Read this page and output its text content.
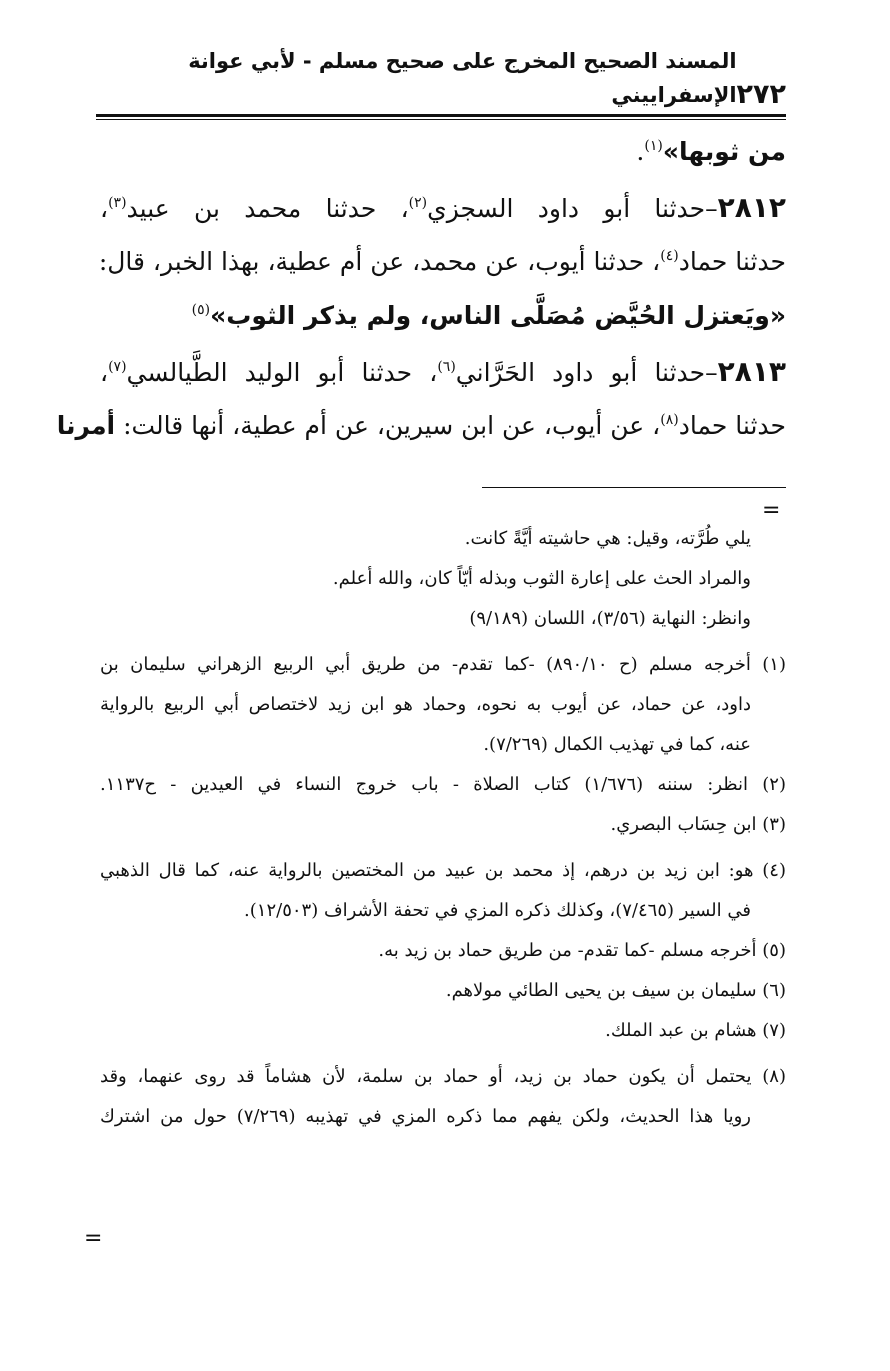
٢٧٢
المسند الصحيح المخرج على صحيح مسلم - لأبي عوانة الإسفراييني
من ثوبها»$^{(١)}$.
٢٨١٢–حدثنا أبو داود السجزي$^{(٢)}$، حدثنا محمد بن عبيد$^{(٣)}$،
حدثنا حماد$^{(٤)}$، حدثنا أيوب، عن محمد، عن أم عطية، بهذا الخبر، قال:
«ويَعتزل الحُيَّض مُصَلَّى الناس، ولم يذكر الثوب»$^{(٥)}$
٢٨١٣–حدثنا أبو داود الحَرَّاني$^{(٦)}$، حدثنا أبو الوليد الطَّيالسي$^{(٧)}$،
حدثنا حماد$^{(٨)}$، عن أيوب، عن ابن سيرين، عن أم عطية، أنها قالت: أمرنا
=
يلي طُرَّته، وقيل: هي حاشيته أيَّةً كانت.
والمراد الحث على إعارة الثوب وبذله أيّاً كان، والله أعلم.
وانظر: النهاية (٣/٥٦)، اللسان (٩/١٨٩)
(١) أخرجه مسلم (ح ٨٩٠/١٠) -كما تقدم- من طريق أبي الربيع الزهراني سليمان بن
داود، عن حماد، عن أيوب به نحوه، وحماد هو ابن زيد لاختصاص أبي الربيع بالرواية
عنه، كما في تهذيب الكمال (٧/٢٦٩).
(٢) انظر: سننه (١/٦٧٦) كتاب الصلاة - باب خروج النساء في العيدين - ح١١٣٧.
(٣) ابن حِسَاب البصري.
(٤) هو: ابن زيد بن درهم، إذ محمد بن عبيد من المختصين بالرواية عنه، كما قال الذهبي
في السير (٧/٤٦٥)، وكذلك ذكره المزي في تحفة الأشراف (١٢/٥٠٣).
(٥) أخرجه مسلم -كما تقدم- من طريق حماد بن زيد به.
(٦) سليمان بن سيف بن يحيى الطائي مولاهم.
(٧) هشام بن عبد الملك.
(٨) يحتمل أن يكون حماد بن زيد، أو حماد بن سلمة، لأن هشاماً قد روى عنهما، وقد
رويا هذا الحديث، ولكن يفهم مما ذكره المزي في تهذيبه (٧/٢٦٩) حول من اشترك
=
